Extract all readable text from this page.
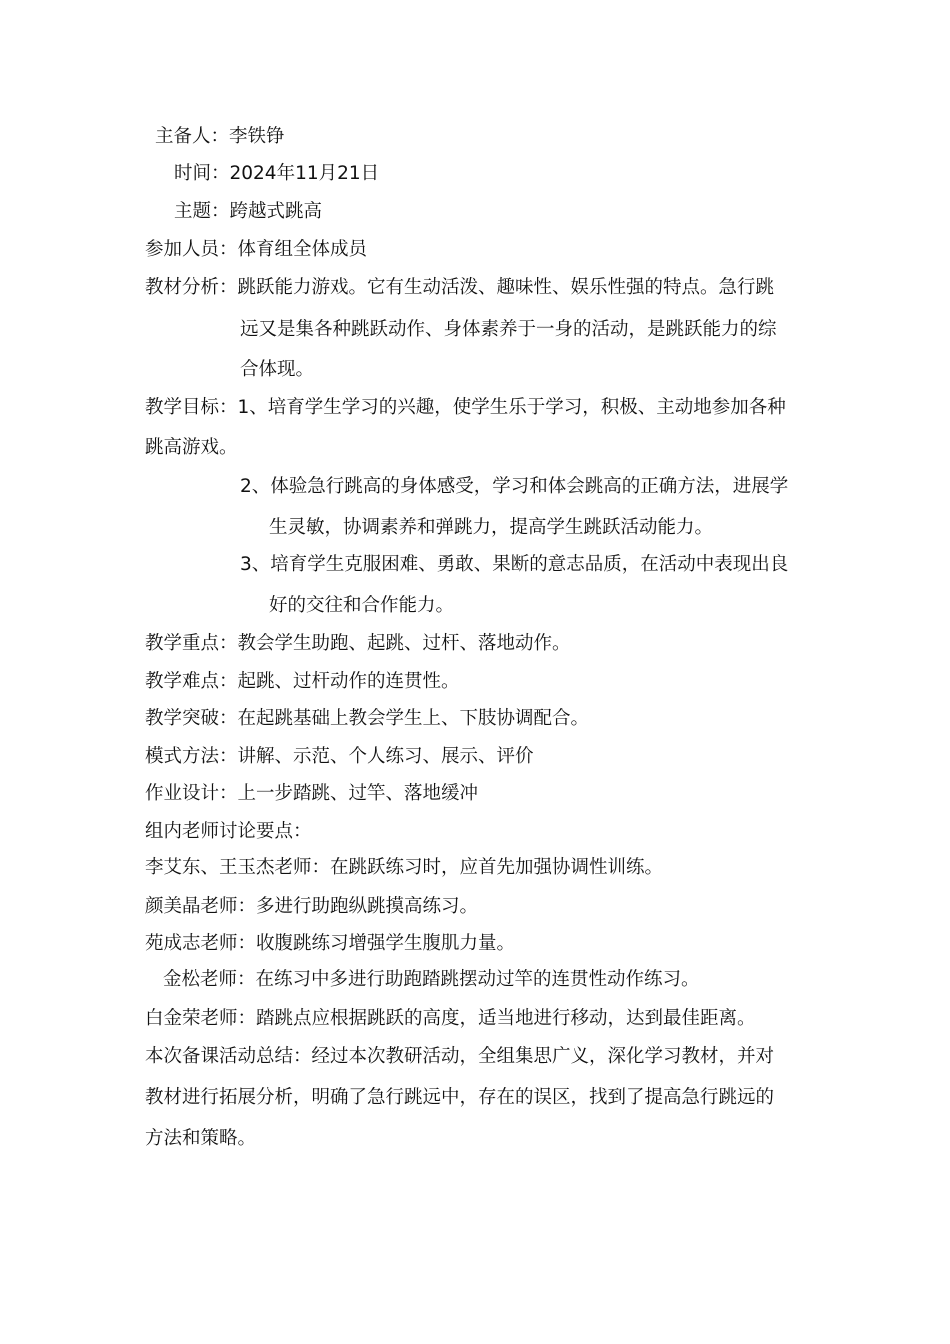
主备人：李铁铮
时间：2024年11月21日
主题：跨越式跳高
参加人员：体育组全体成员
教材分析：跳跃能力游戏。它有生动活泼、趣味性、娱乐性强的特点。急行跳
远又是集各种跳跃动作、身体素养于一身的活动，是跳跃能力的综
合体现。
教学目标：1、培育学生学习的兴趣，使学生乐于学习，积极、主动地参加各种
跳高游戏。
2、体验急行跳高的身体感受，学习和体会跳高的正确方法，进展学
生灵敏，协调素养和弹跳力，提高学生跳跃活动能力。
3、培育学生克服困难、勇敢、果断的意志品质，在活动中表现出良
好的交往和合作能力。
教学重点：教会学生助跑、起跳、过杆、落地动作。
教学难点：起跳、过杆动作的连贯性。
教学突破：在起跳基础上教会学生上、下肢协调配合。
模式方法：讲解、示范、个人练习、展示、评价
作业设计：上一步踏跳、过竿、落地缓冲
组内老师讨论要点：
李艾东、王玉杰老师：在跳跃练习时，应首先加强协调性训练。
颜美晶老师：多进行助跑纵跳摸高练习。
苑成志老师：收腹跳练习增强学生腹肌力量。
金松老师：在练习中多进行助跑踏跳摆动过竿的连贯性动作练习。
白金荣老师：踏跳点应根据跳跃的高度，适当地进行移动，达到最佳距离。
本次备课活动总结：经过本次教研活动，全组集思广义，深化学习教材，并对
教材进行拓展分析，明确了急行跳远中，存在的误区，找到了提高急行跳远的
方法和策略。
